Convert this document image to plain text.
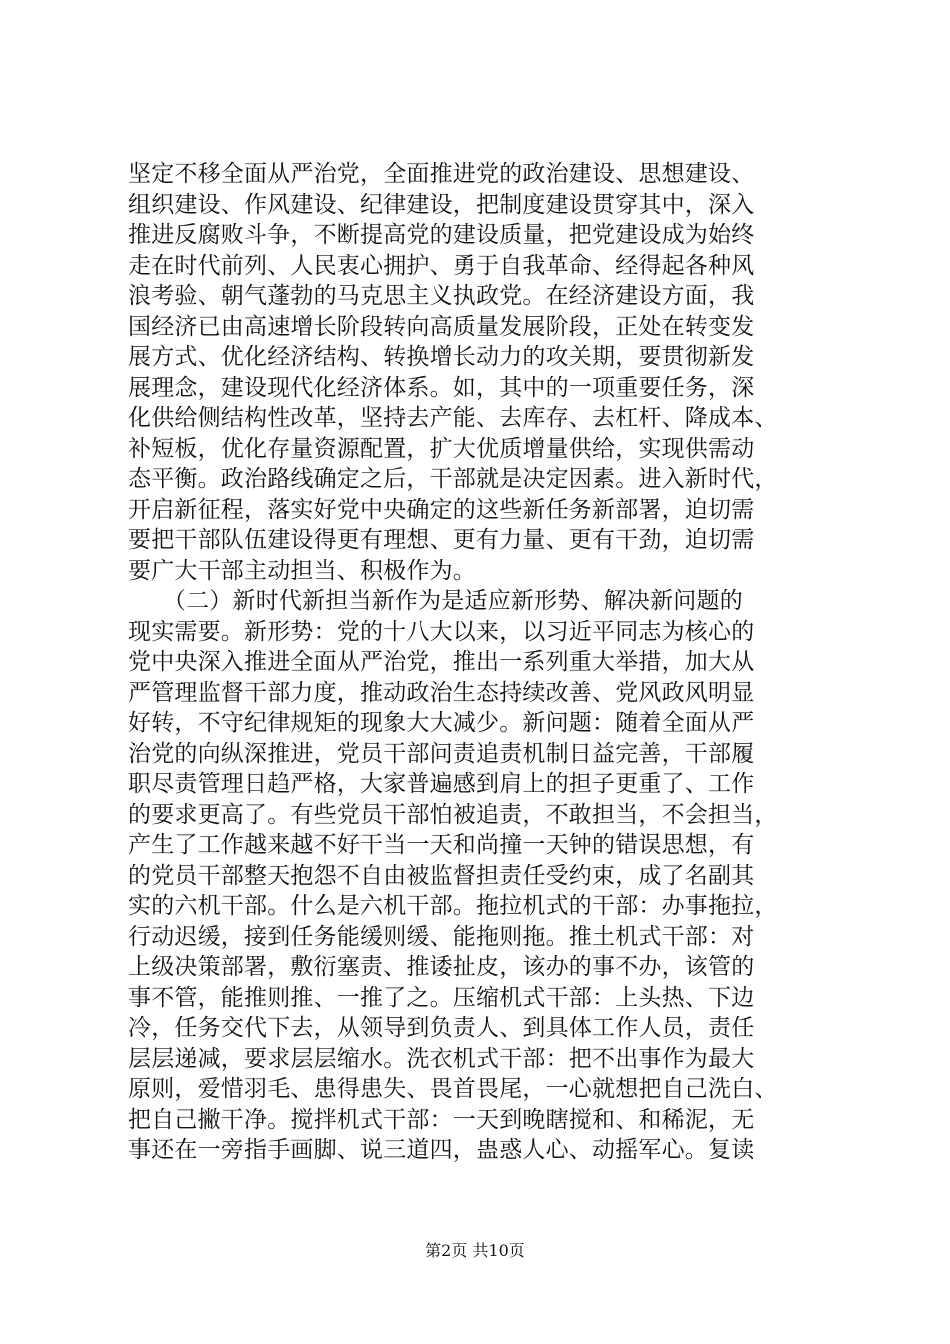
坚定不移全面从严治党，全面推进党的政治建设、思想建设、
组织建设、作风建设、纪律建设，把制度建设贯穿其中，深入
推进反腐败斗争，不断提高党的建设质量，把党建设成为始终
走在时代前列、人民衷心拥护、勇于自我革命、经得起各种风
浪考验、朝气蓬勃的马克思主义执政党。在经济建设方面，我
国经济已由高速增长阶段转向高质量发展阶段，正处在转变发
展方式、优化经济结构、转换增长动力的攻关期，要贯彻新发
展理念，建设现代化经济体系。如，其中的一项重要任务，深
化供给侧结构性改革，坚持去产能、去库存、去杠杆、降成本、
补短板，优化存量资源配置，扩大优质增量供给，实现供需动
态平衡。政治路线确定之后，干部就是决定因素。进入新时代，
开启新征程，落实好党中央确定的这些新任务新部署，迫切需
要把干部队伍建设得更有理想、更有力量、更有干劲，迫切需
要广大干部主动担当、积极作为。
　　（二）新时代新担当新作为是适应新形势、解决新问题的
现实需要。新形势：党的十八大以来，以习近平同志为核心的
党中央深入推进全面从严治党，推出一系列重大举措，加大从
严管理监督干部力度，推动政治生态持续改善、党风政风明显
好转，不守纪律规矩的现象大大减少。新问题：随着全面从严
治党的向纵深推进，党员干部问责追责机制日益完善，干部履
职尽责管理日趋严格，大家普遍感到肩上的担子更重了、工作
的要求更高了。有些党员干部怕被追责，不敢担当，不会担当，
产生了工作越来越不好干当一天和尚撞一天钟的错误思想，有
的党员干部整天抱怨不自由被监督担责任受约束，成了名副其
实的六机干部。什么是六机干部。拖拉机式的干部：办事拖拉，
行动迟缓，接到任务能缓则缓、能拖则拖。推土机式干部：对
上级决策部署，敷衍塞责、推诿扯皮，该办的事不办，该管的
事不管，能推则推、一推了之。压缩机式干部：上头热、下边
冷，任务交代下去，从领导到负责人、到具体工作人员，责任
层层递减，要求层层缩水。洗衣机式干部：把不出事作为最大
原则，爱惜羽毛、患得患失、畏首畏尾，一心就想把自己洗白、
把自己撇干净。搅拌机式干部：一天到晚瞎搅和、和稀泥，无
事还在一旁指手画脚、说三道四，蛊惑人心、动摇军心。复读
第2页 共10页
